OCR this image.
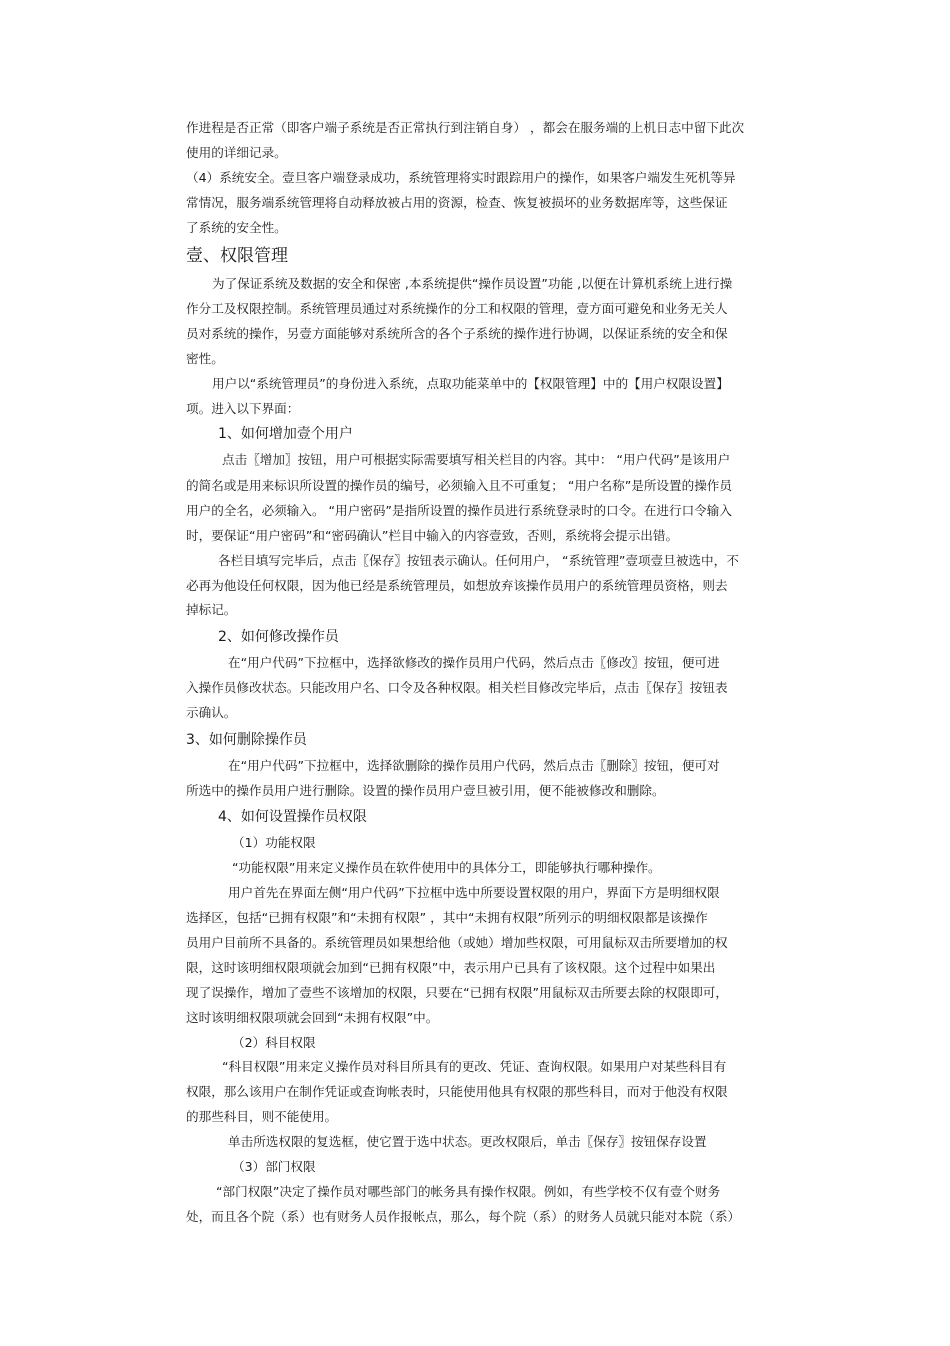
作进程是否正常（即客户端子系统是否正常执行到注销自身） ，都会在服务端的上机日志中留下此次
使用的详细记录。
（4）系统安全。壹旦客户端登录成功，系统管理将实时跟踪用户的操作，如果客户端发生死机等异
常情况，服务端系统管理将自动释放被占用的资源，检查、恢复被损坏的业务数据库等，这些保证
了系统的安全性。
壹、权限管理
为了保证系统及数据的安全和保密 ,本系统提供“操作员设置”功能 ,以便在计算机系统上进行操
作分工及权限控制。系统管理员通过对系统操作的分工和权限的管理，壹方面可避免和业务无关人
员对系统的操作，另壹方面能够对系统所含的各个子系统的操作进行协调，以保证系统的安全和保
密性。
用户以“系统管理员”的身份进入系统，点取功能菜单中的【权限管理】中的【用户权限设置】
项。进入以下界面：
1、如何增加壹个用户
点击〖增加〗按钮，用户可根据实际需要填写相关栏目的内容。其中： “用户代码”是该用户
的简名或是用来标识所设置的操作员的编号，必须输入且不可重复； “用户名称”是所设置的操作员
用户的全名，必须输入。 “用户密码”是指所设置的操作员进行系统登录时的口令。在进行口令输入
时，要保证“用户密码”和“密码确认”栏目中输入的内容壹致，否则，系统将会提示出错。
各栏目填写完毕后，点击〖保存〗按钮表示确认。任何用户， “系统管理”壹项壹旦被选中，不
必再为他设任何权限，因为他已经是系统管理员，如想放弃该操作员用户的系统管理员资格，则去
掉标记。
2、如何修改操作员
在“用户代码”下拉框中，选择欲修改的操作员用户代码，然后点击〖修改〗按钮，便可进
入操作员修改状态。只能改用户名、口令及各种权限。相关栏目修改完毕后，点击〖保存〗按钮表
示确认。
3、如何删除操作员
在“用户代码”下拉框中，选择欲删除的操作员用户代码，然后点击〖删除〗按钮，便可对
所选中的操作员用户进行删除。设置的操作员用户壹旦被引用，便不能被修改和删除。
4、如何设置操作员权限
（1）功能权限
“功能权限”用来定义操作员在软件使用中的具体分工，即能够执行哪种操作。
用户首先在界面左侧“用户代码”下拉框中选中所要设置权限的用户，界面下方是明细权限
选择区，包括“已拥有权限”和“未拥有权限” ，其中“未拥有权限”所列示的明细权限都是该操作
员用户目前所不具备的。系统管理员如果想给他（或她）增加些权限，可用鼠标双击所要增加的权
限，这时该明细权限项就会加到“已拥有权限”中，表示用户已具有了该权限。这个过程中如果出
现了误操作，增加了壹些不该增加的权限，只要在“已拥有权限”用鼠标双击所要去除的权限即可，
这时该明细权限项就会回到“未拥有权限”中。
（2）科目权限
“科目权限”用来定义操作员对科目所具有的更改、凭证、查询权限。如果用户对某些科目有
权限，那么该用户在制作凭证或查询帐表时，只能使用他具有权限的那些科目，而对于他没有权限
的那些科目，则不能使用。
单击所选权限的复选框，使它置于选中状态。更改权限后，单击〖保存〗按钮保存设置
（3）部门权限
“部门权限”决定了操作员对哪些部门的帐务具有操作权限。例如，有些学校不仅有壹个财务
处，而且各个院（系）也有财务人员作报帐点，那么，每个院（系）的财务人员就只能对本院（系）
